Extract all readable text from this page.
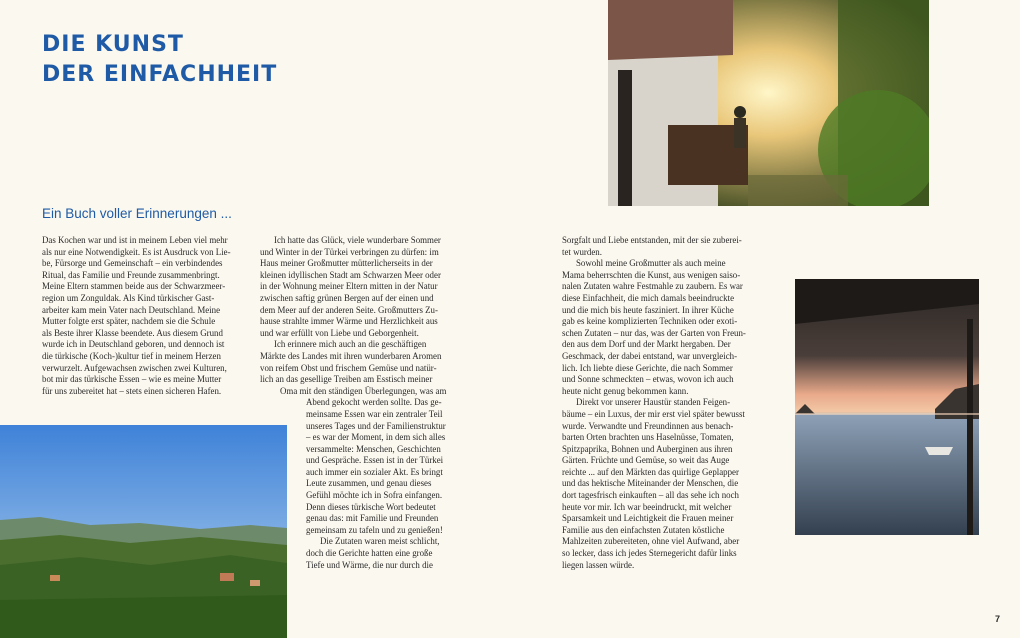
DIE KUNST
DER EINFACHHEIT
Ein Buch voller Erinnerungen ...

Das Kochen war und ist in meinem Leben viel mehr

als nur eine Notwendigkeit. Es ist Ausdruck von Lie-

be, Fürsorge und Gemeinschaft – ein verbindendes

Ritual, das Familie und Freunde zusammenbringt.

Meine Eltern stammen beide aus der Schwarzmeer-

region um Zonguldak. Als Kind türkischer Gast-

arbeiter kam mein Vater nach Deutschland. Meine

Mutter folgte erst später, nachdem sie die Schule

als Beste ihrer Klasse beendete. Aus diesem Grund

wurde ich in Deutschland geboren, und dennoch ist

die türkische (Koch-)kultur tief in meinem Herzen

verwurzelt. Aufgewachsen zwischen zwei Kulturen,

bot mir das türkische Essen – wie es meine Mutter

für uns zubereitet hat – stets einen sicheren Hafen.

Ich hatte das Glück, viele wunderbare Sommer

und Winter in der Türkei verbringen zu dürfen: im

Haus meiner Großmutter mütterlicherseits in der

kleinen idyllischen Stadt am Schwarzen Meer oder

in der Wohnung meiner Eltern mitten in der Natur

zwischen saftig grünen Bergen auf der einen und

dem Meer auf der anderen Seite. Großmutters Zu-

hause strahlte immer Wärme und Herzlichkeit aus

und war erfüllt von Liebe und Geborgenheit.

Ich erinnere mich auch an die geschäftigen

Märkte des Landes mit ihren wunderbaren Aromen

von reifem Obst und frischem Gemüse und natür-

lich an das gesellige Treiben am Esstisch meiner

Oma mit den ständigen Überlegungen, was am

Abend gekocht werden sollte. Das ge-

meinsame Essen war ein zentraler Teil

unseres Tages und der Familienstruktur

– es war der Moment, in dem sich alles

versammelte: Menschen, Geschichten

und Gespräche. Essen ist in der Türkei

auch immer ein sozialer Akt. Es bringt

Leute zusammen, und genau dieses

Gefühl möchte ich in Sofra einfangen.

Denn dieses türkische Wort bedeutet

genau das: mit Familie und Freunden

gemeinsam zu tafeln und zu genießen!

Die Zutaten waren meist schlicht,

doch die Gerichte hatten eine große

Tiefe und Wärme, die nur durch die

Sorgfalt und Liebe entstanden, mit der sie zuberei-

tet wurden.

Sowohl meine Großmutter als auch meine

Mama beherrschten die Kunst, aus wenigen saiso-

nalen Zutaten wahre Festmahle zu zaubern. Es war

diese Einfachheit, die mich damals beeindruckte

und die mich bis heute fasziniert. In ihrer Küche

gab es keine komplizierten Techniken oder exoti-

schen Zutaten – nur das, was der Garten von Freun-

den aus dem Dorf und der Markt hergaben. Der

Geschmack, der dabei entstand, war unvergleich-

lich. Ich liebte diese Gerichte, die nach Sommer

und Sonne schmeckten – etwas, wovon ich auch

heute nicht genug bekommen kann.

Direkt vor unserer Haustür standen Feigen-

bäume – ein Luxus, der mir erst viel später bewusst

wurde. Verwandte und Freundinnen aus benach-

barten Orten brachten uns Haselnüsse, Tomaten,

Spitzpaprika, Bohnen und Auberginen aus ihren

Gärten. Früchte und Gemüse, so weit das Auge

reichte ... auf den Märkten das quirlige Geplapper

und das hektische Miteinander der Menschen, die

dort tagesfrisch einkauften – all das sehe ich noch

heute vor mir. Ich war beeindruckt, mit welcher

Sparsamkeit und Leichtigkeit die Frauen meiner

Familie aus den einfachsten Zutaten köstliche

Mahlzeiten zubereiteten, ohne viel Aufwand, aber

so lecker, dass ich jedes Sternegericht dafür links

liegen lassen würde.

7
